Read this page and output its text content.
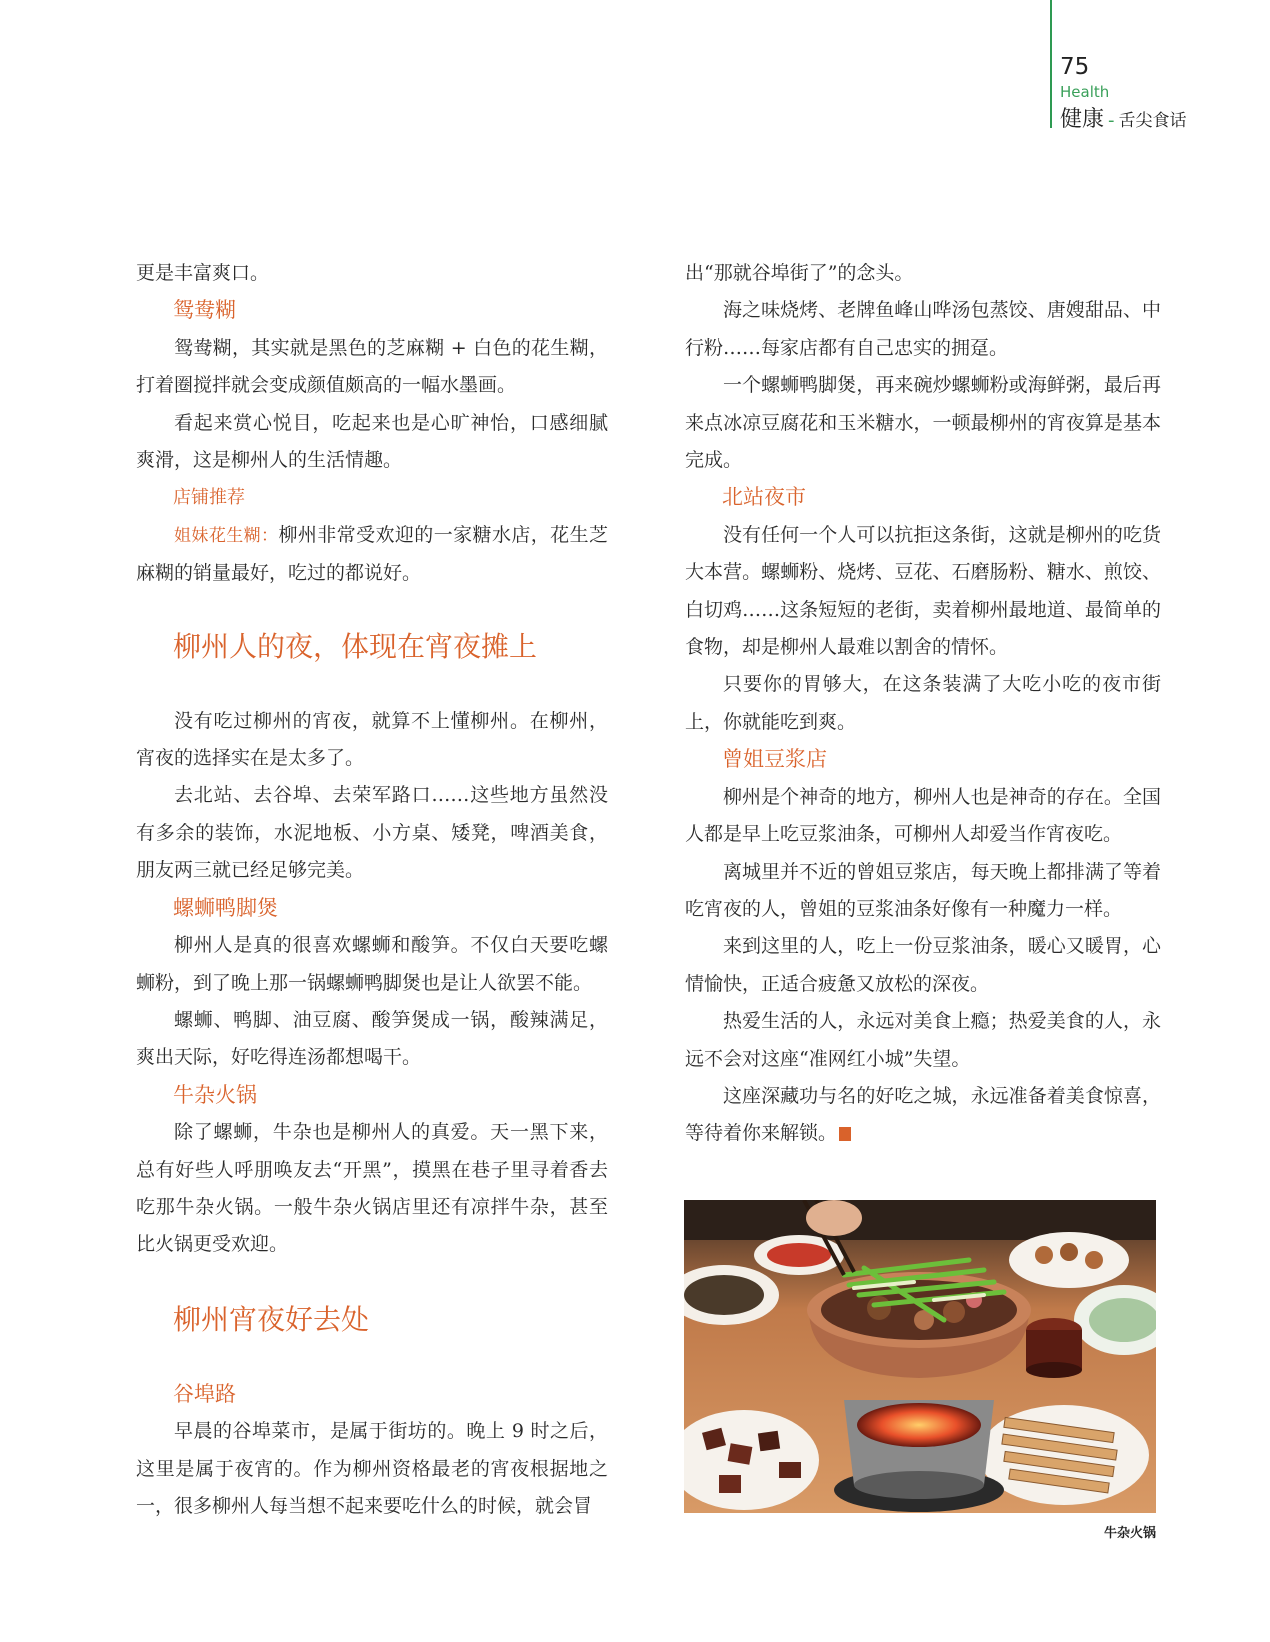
75
Health
健康 - 舌尖食话

更是丰富爽口。

鸳鸯糊

鸳鸯糊，其实就是黑色的芝麻糊 + 白色的花生糊，打着圈搅拌就会变成颜值颇高的一幅水墨画。

看起来赏心悦目，吃起来也是心旷神怡，口感细腻爽滑，这是柳州人的生活情趣。

店铺推荐

姐妹花生糊：柳州非常受欢迎的一家糖水店，花生芝麻糊的销量最好，吃过的都说好。

柳州人的夜，体现在宵夜摊上

没有吃过柳州的宵夜，就算不上懂柳州。在柳州，宵夜的选择实在是太多了。

去北站、去谷埠、去荣军路口……这些地方虽然没有多余的装饰，水泥地板、小方桌、矮凳，啤酒美食，朋友两三就已经足够完美。

螺蛳鸭脚煲

柳州人是真的很喜欢螺蛳和酸笋。不仅白天要吃螺蛳粉，到了晚上那一锅螺蛳鸭脚煲也是让人欲罢不能。

螺蛳、鸭脚、油豆腐、酸笋煲成一锅，酸辣满足，爽出天际，好吃得连汤都想喝干。

牛杂火锅

除了螺蛳，牛杂也是柳州人的真爱。天一黑下来，总有好些人呼朋唤友去“开黑”，摸黑在巷子里寻着香去吃那牛杂火锅。一般牛杂火锅店里还有凉拌牛杂，甚至比火锅更受欢迎。

柳州宵夜好去处
谷埠路

早晨的谷埠菜市，是属于街坊的。晚上 9 时之后，这里是属于夜宵的。作为柳州资格最老的宵夜根据地之一，很多柳州人每当想不起来要吃什么的时候，就会冒

出“那就谷埠街了”的念头。

海之味烧烤、老牌鱼峰山哗汤包蒸饺、唐嫂甜品、中行粉……每家店都有自己忠实的拥趸。

一个螺蛳鸭脚煲，再来碗炒螺蛳粉或海鲜粥，最后再来点冰凉豆腐花和玉米糖水，一顿最柳州的宵夜算是基本完成。

北站夜市

没有任何一个人可以抗拒这条街，这就是柳州的吃货大本营。螺蛳粉、烧烤、豆花、石磨肠粉、糖水、煎饺、白切鸡……这条短短的老街，卖着柳州最地道、最简单的食物，却是柳州人最难以割舍的情怀。

只要你的胃够大，在这条装满了大吃小吃的夜市街上，你就能吃到爽。

曾姐豆浆店

柳州是个神奇的地方，柳州人也是神奇的存在。全国人都是早上吃豆浆油条，可柳州人却爱当作宵夜吃。

离城里并不近的曾姐豆浆店，每天晚上都排满了等着吃宵夜的人，曾姐的豆浆油条好像有一种魔力一样。

来到这里的人，吃上一份豆浆油条，暖心又暖胃，心情愉快，正适合疲惫又放松的深夜。

热爱生活的人，永远对美食上瘾；热爱美食的人，永远不会对这座“准网红小城”失望。

这座深藏功与名的好吃之城，永远准备着美食惊喜，等待着你来解锁。	S

牛杂火锅
